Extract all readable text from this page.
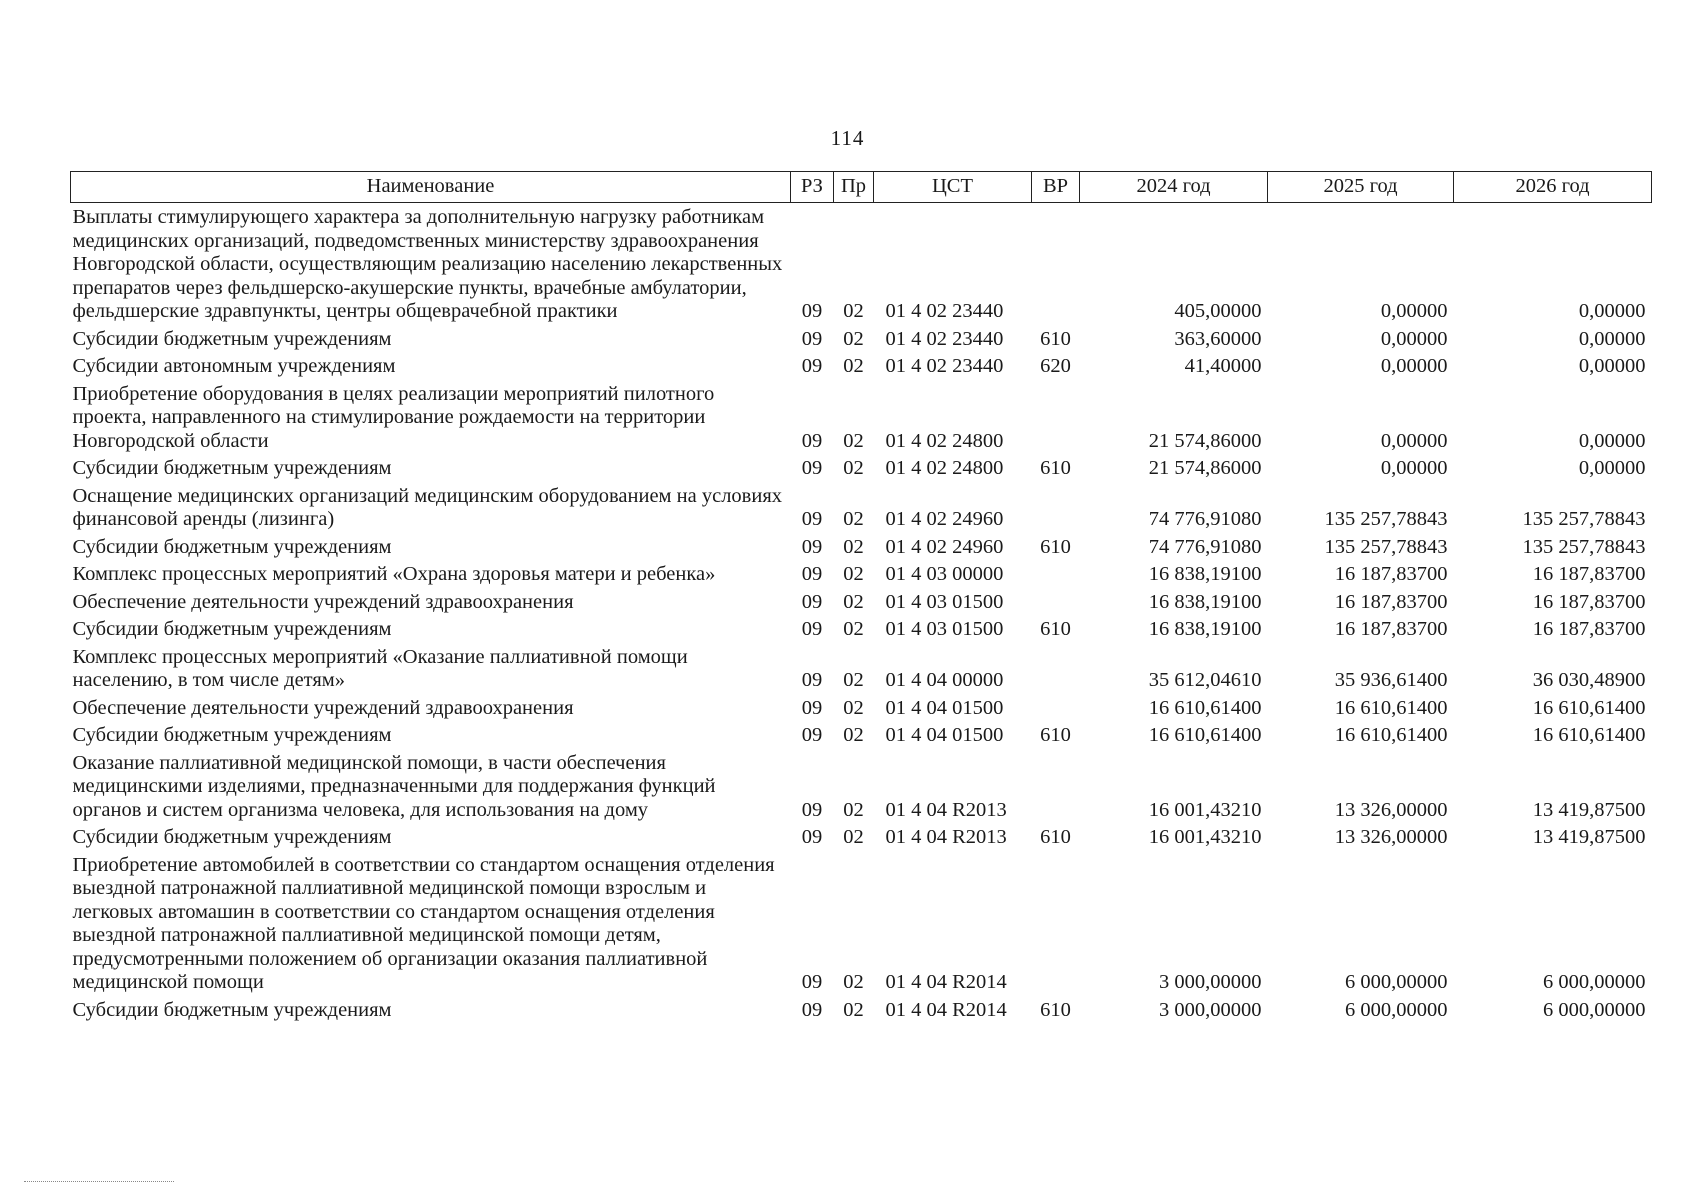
114
Наименование	РЗ	Пр	ЦСТ	ВР	2024 год	2025 год	2026 год
Выплаты стимулирующего характера за дополнительную нагрузку работникам медицинских организаций, подведомственных министерству здравоохранения Новгородской области, осуществляющим реализацию населению лекарственных препаратов через фельдшерско-акушерские пункты, врачебные амбулатории, фельдшерские здравпункты, центры общеврачебной практики	09	02	01 4 02 23440		405,00000	0,00000	0,00000
Субсидии бюджетным учреждениям	09	02	01 4 02 23440	610	363,60000	0,00000	0,00000
Субсидии автономным учреждениям	09	02	01 4 02 23440	620	41,40000	0,00000	0,00000
Приобретение оборудования в целях реализации мероприятий пилотного проекта, направленного на стимулирование рождаемости на территории Новгородской области	09	02	01 4 02 24800		21 574,86000	0,00000	0,00000
Субсидии бюджетным учреждениям	09	02	01 4 02 24800	610	21 574,86000	0,00000	0,00000
Оснащение медицинских организаций медицинским оборудованием на условиях финансовой аренды (лизинга)	09	02	01 4 02 24960		74 776,91080	135 257,78843	135 257,78843
Субсидии бюджетным учреждениям	09	02	01 4 02 24960	610	74 776,91080	135 257,78843	135 257,78843
Комплекс процессных мероприятий «Охрана здоровья матери и ребенка»	09	02	01 4 03 00000		16 838,19100	16 187,83700	16 187,83700
Обеспечение деятельности учреждений здравоохранения	09	02	01 4 03 01500		16 838,19100	16 187,83700	16 187,83700
Субсидии бюджетным учреждениям	09	02	01 4 03 01500	610	16 838,19100	16 187,83700	16 187,83700
Комплекс процессных мероприятий «Оказание паллиативной помощи населению, в том числе детям»	09	02	01 4 04 00000		35 612,04610	35 936,61400	36 030,48900
Обеспечение деятельности учреждений здравоохранения	09	02	01 4 04 01500		16 610,61400	16 610,61400	16 610,61400
Субсидии бюджетным учреждениям	09	02	01 4 04 01500	610	16 610,61400	16 610,61400	16 610,61400
Оказание паллиативной медицинской помощи, в части обеспечения медицинскими изделиями, предназначенными для поддержания функций органов и систем организма человека, для использования на дому	09	02	01 4 04 R2013		16 001,43210	13 326,00000	13 419,87500
Субсидии бюджетным учреждениям	09	02	01 4 04 R2013	610	16 001,43210	13 326,00000	13 419,87500
Приобретение автомобилей в соответствии со стандартом оснащения отделения выездной патронажной паллиативной медицинской помощи взрослым и легковых автомашин в соответствии со стандартом оснащения отделения выездной патронажной паллиативной медицинской помощи детям, предусмотренными положением об организации оказания паллиативной медицинской помощи	09	02	01 4 04 R2014		3 000,00000	6 000,00000	6 000,00000
Субсидии бюджетным учреждениям	09	02	01 4 04 R2014	610	3 000,00000	6 000,00000	6 000,00000
